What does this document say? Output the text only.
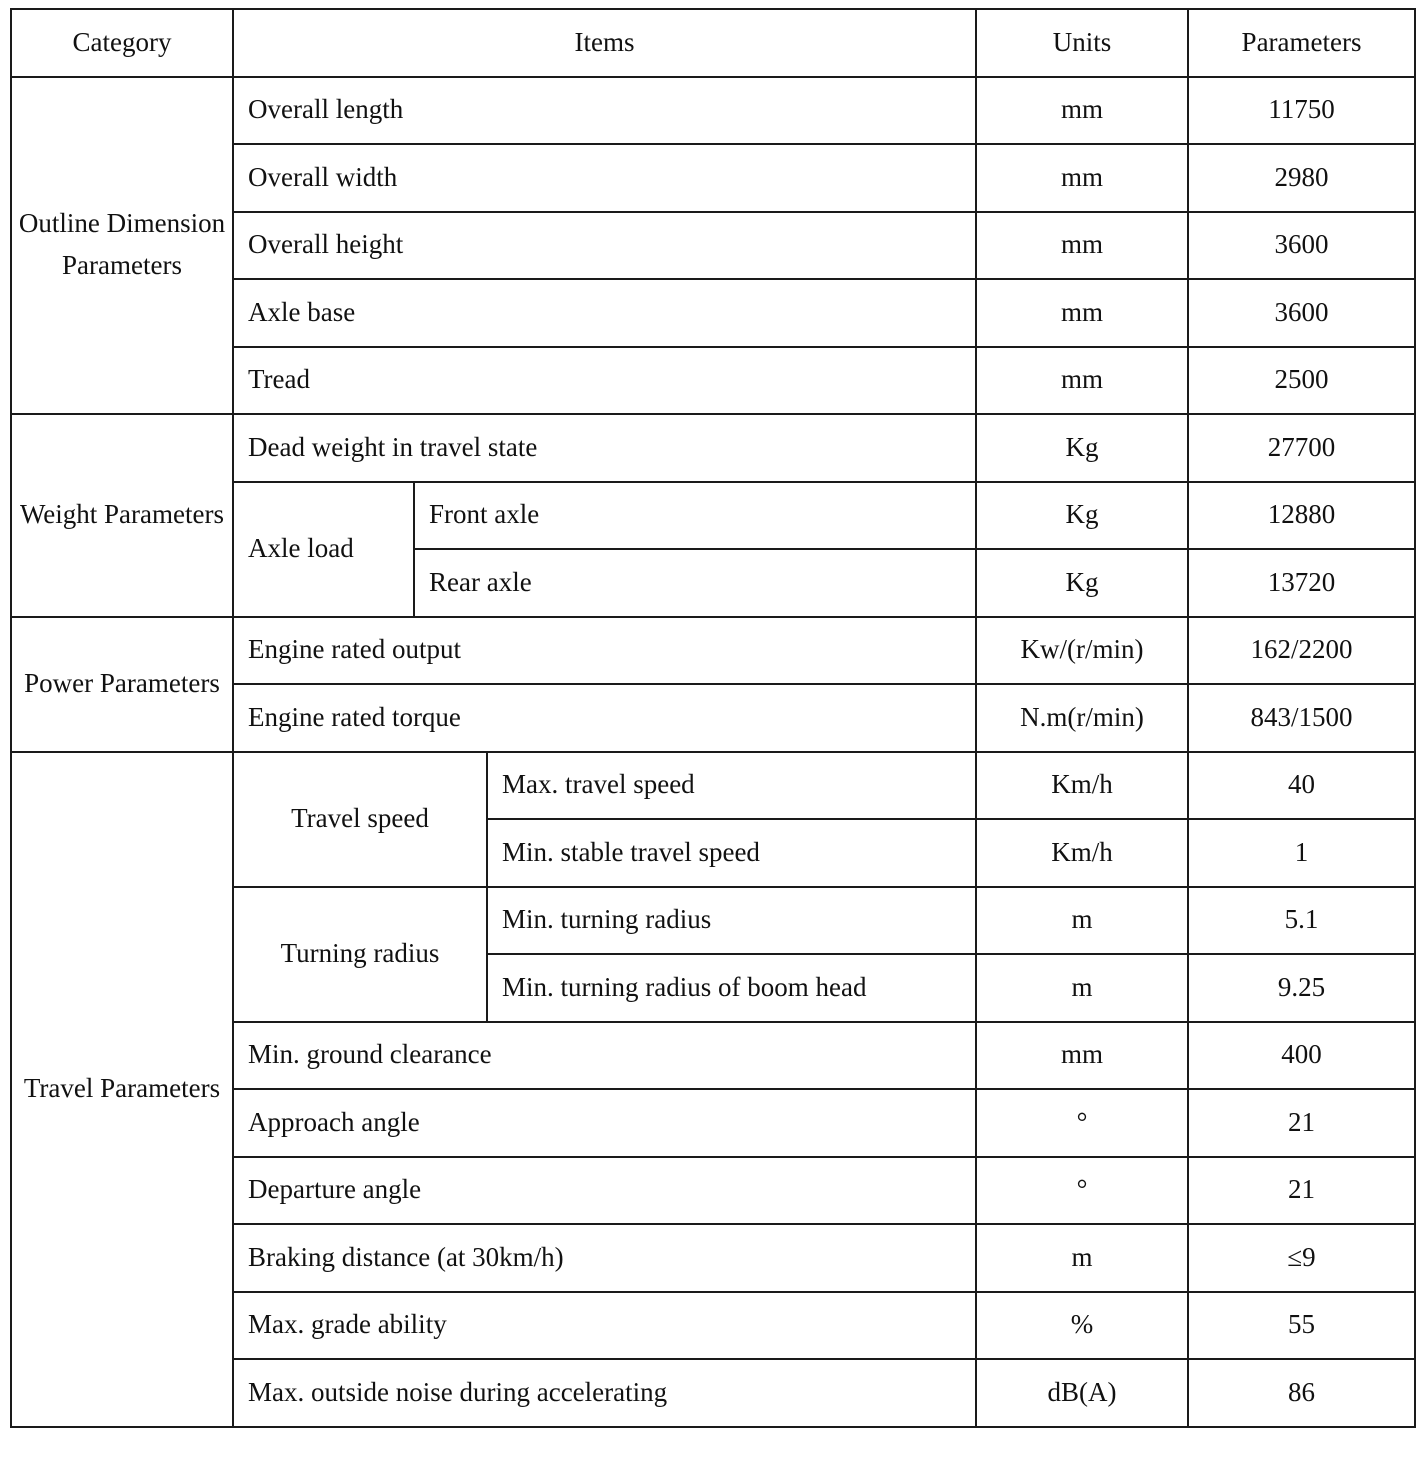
Category	Items			Units	Parameters
Outline Dimension Parameters	Overall length			mm	11750
	Overall width			mm	2980
	Overall height			mm	3600
	Axle base			mm	3600
	Tread			mm	2500
Weight Parameters	Dead weight in travel state			Kg	27700
	Axle load	Front axle		Kg	12880
		Rear axle		Kg	13720
Power Parameters	Engine rated output			Kw/(r/min)	162/2200
	Engine rated torque			N.m(r/min)	843/1500
Travel Parameters	Travel speed		Max. travel speed	Km/h	40
			Min. stable travel speed	Km/h	1
	Turning radius		Min. turning radius	m	5.1
			Min. turning radius of boom head	m	9.25
	Min. ground clearance			mm	400
	Approach angle			°	21
	Departure angle			°	21
	Braking distance (at 30km/h)			m	≤9
	Max. grade ability			%	55
	Max. outside noise during accelerating			dB(A)	86
